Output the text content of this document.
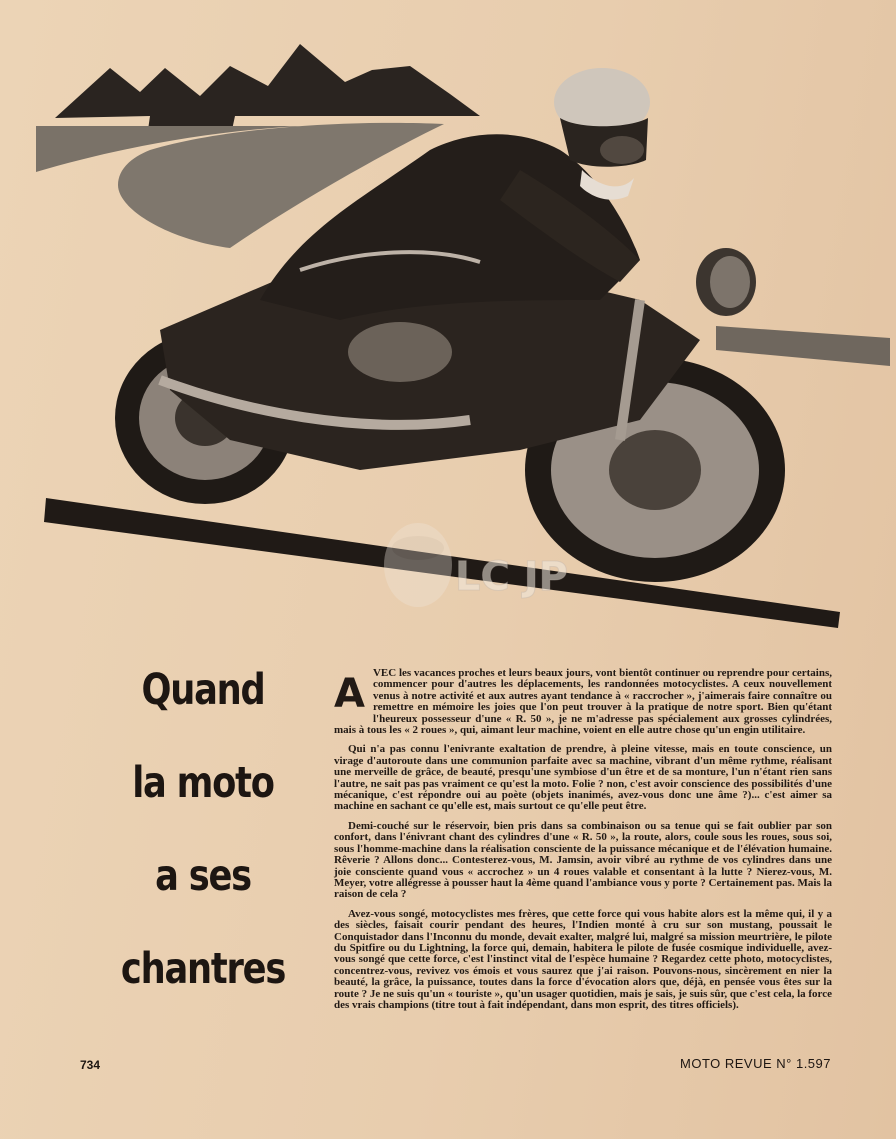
LC JP
Quand
la moto
a ses
chantres

A VEC les vacances proches et leurs beaux jours, vont bientôt continuer ou reprendre pour certains, commencer pour d'autres les déplacements, les randonnées motocyclistes. A ceux nouvellement venus à notre activité et aux autres ayant tendance à « raccrocher », j'aimerais faire connaître ou remettre en mémoire les joies que l'on peut trouver à la pratique de notre sport. Bien qu'étant l'heureux possesseur d'une « R. 50 », je ne m'adresse pas spécialement aux grosses cylindrées, mais à tous les « 2 roues », qui, aimant leur machine, voient en elle autre chose qu'un engin utilitaire.

Qui n'a pas connu l'enivrante exaltation de prendre, à pleine vitesse, mais en toute conscience, un virage d'autoroute dans une communion parfaite avec sa machine, vibrant d'un même rythme, réalisant une merveille de grâce, de beauté, presqu'une symbiose d'un être et de sa monture, l'un n'étant rien sans l'autre, ne sait pas pas vraiment ce qu'est la moto. Folie ? non, c'est avoir conscience des possibilités d'une mécanique, c'est répondre oui au poète (objets inanimés, avez-vous donc une âme ?)... c'est aimer sa machine en sachant ce qu'elle est, mais surtout ce qu'elle peut être.

Demi-couché sur le réservoir, bien pris dans sa combinaison ou sa tenue qui se fait oublier par son confort, dans l'énivrant chant des cylindres d'une « R. 50 », la route, alors, coule sous les roues, sous soi, sous l'homme-machine dans la réalisation consciente de la puissance mécanique et de l'élévation humaine. Rêverie ? Allons donc... Contesterez-vous, M. Jamsin, avoir vibré au rythme de vos cylindres dans une joie consciente quand vous « accrochez » un 4 roues valable et consentant à la lutte ? Nierez-vous, M. Meyer, votre allégresse à pousser haut la 4ème quand l'ambiance vous y porte ? Certainement pas. Mais la raison de cela ?

Avez-vous songé, motocyclistes mes frères, que cette force qui vous habite alors est la même qui, il y a des siècles, faisait courir pendant des heures, l'Indien monté à cru sur son mustang, poussait le Conquistador dans l'Inconnu du monde, devait exalter, malgré lui, malgré sa mission meurtrière, le pilote du Spitfire ou du Lightning, la force qui, demain, habitera le pilote de fusée cosmique individuelle, avez-vous songé que cette force, c'est l'instinct vital de l'espèce humaine ? Regardez cette photo, motocyclistes, concentrez-vous, revivez vos émois et vous saurez que j'ai raison. Pouvons-nous, sincèrement en nier la beauté, la grâce, la puissance, toutes dans la force d'évocation alors que, déjà, en pensée vous êtes sur la route ? Je ne suis qu'un « touriste », qu'un usager quotidien, mais je sais, je suis sûr, que c'est cela, la force des vrais champions (titre tout à fait indépendant, dans mon esprit, des titres officiels).

734	MOTO REVUE N° 1.597
